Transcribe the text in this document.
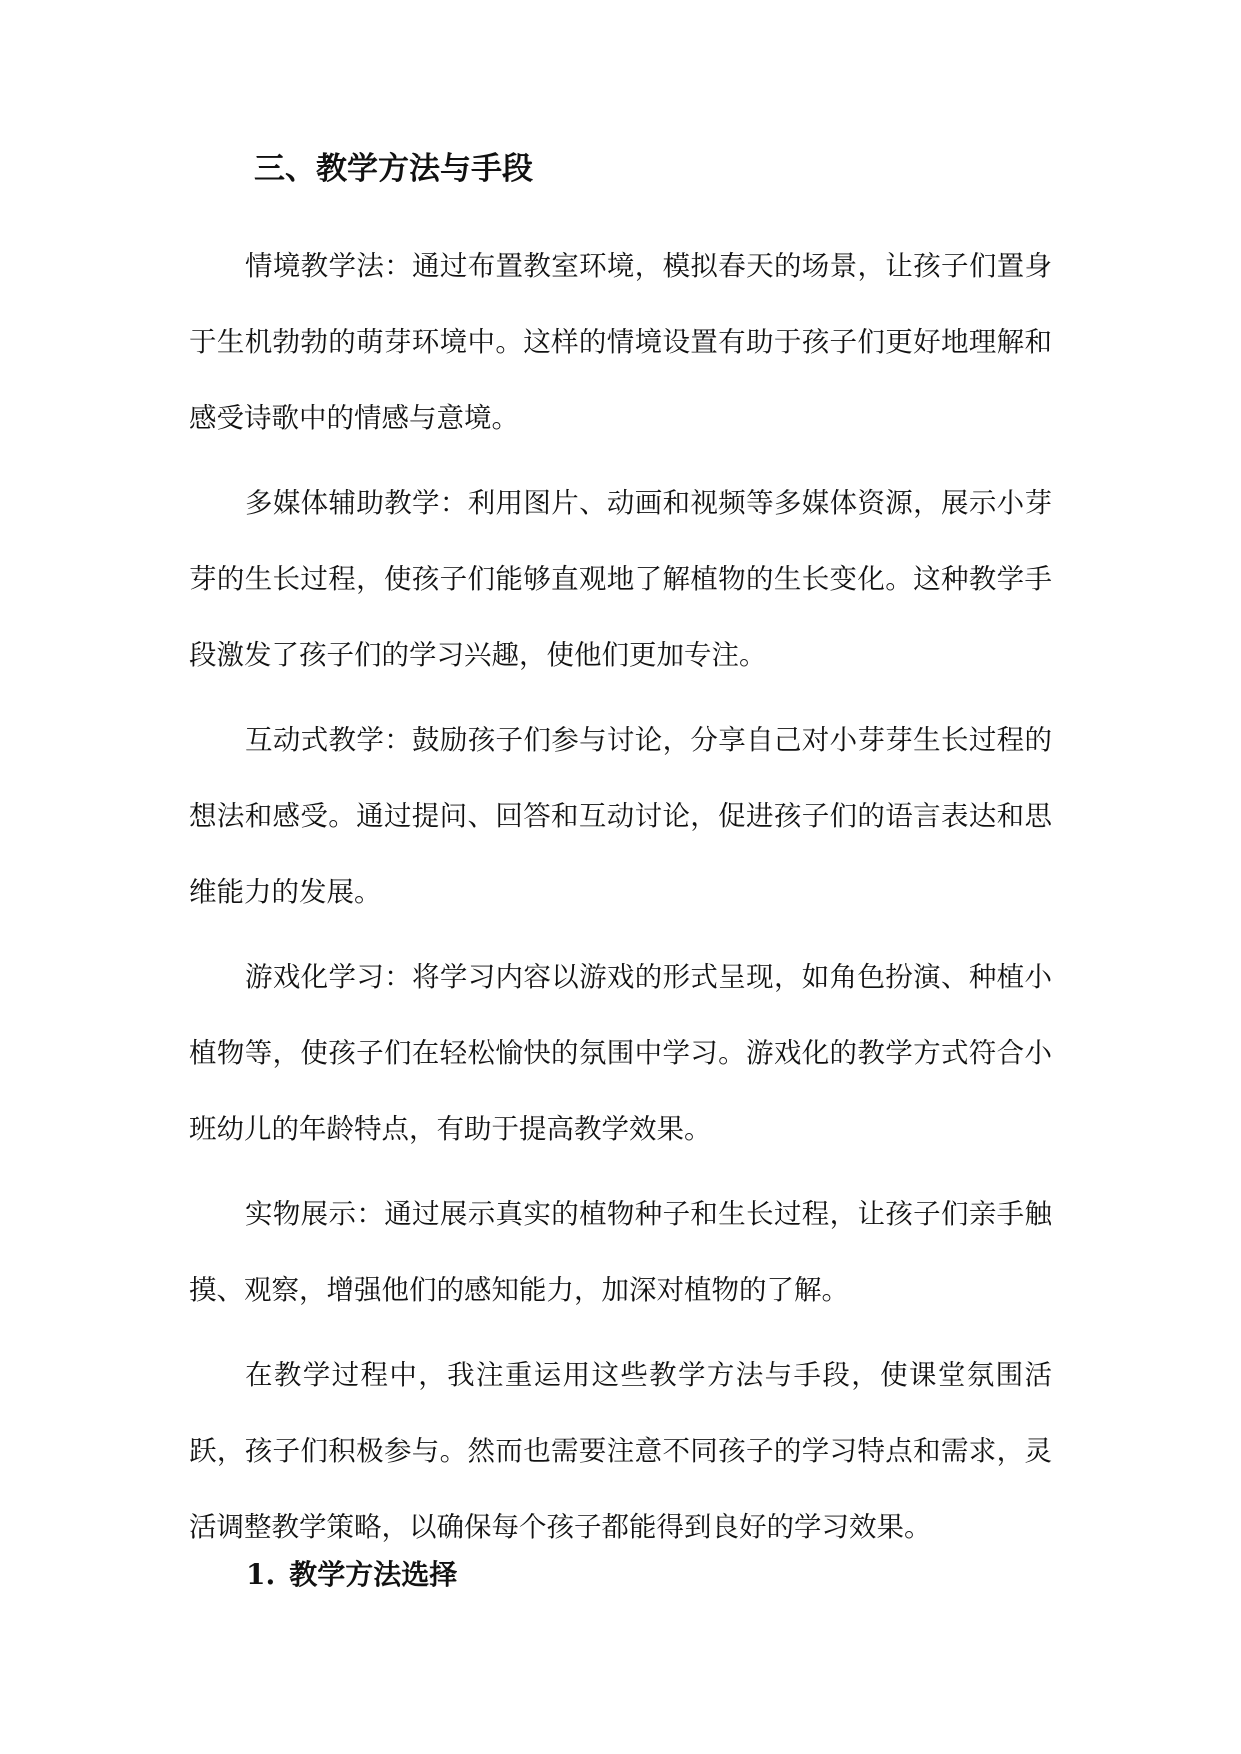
三、教学方法与手段

情境教学法：通过布置教室环境，模拟春天的场景，让孩子们置身于生机勃勃的萌芽环境中。这样的情境设置有助于孩子们更好地理解和感受诗歌中的情感与意境。

多媒体辅助教学：利用图片、动画和视频等多媒体资源，展示小芽芽的生长过程，使孩子们能够直观地了解植物的生长变化。这种教学手段激发了孩子们的学习兴趣，使他们更加专注。

互动式教学：鼓励孩子们参与讨论，分享自己对小芽芽生长过程的想法和感受。通过提问、回答和互动讨论，促进孩子们的语言表达和思维能力的发展。

游戏化学习：将学习内容以游戏的形式呈现，如角色扮演、种植小植物等，使孩子们在轻松愉快的氛围中学习。游戏化的教学方式符合小班幼儿的年龄特点，有助于提高教学效果。

实物展示：通过展示真实的植物种子和生长过程，让孩子们亲手触摸、观察，增强他们的感知能力，加深对植物的了解。

在教学过程中，我注重运用这些教学方法与手段，使课堂氛围活跃，孩子们积极参与。然而也需要注意不同孩子的学习特点和需求，灵活调整教学策略，以确保每个孩子都能得到良好的学习效果。

1. 教学方法选择
